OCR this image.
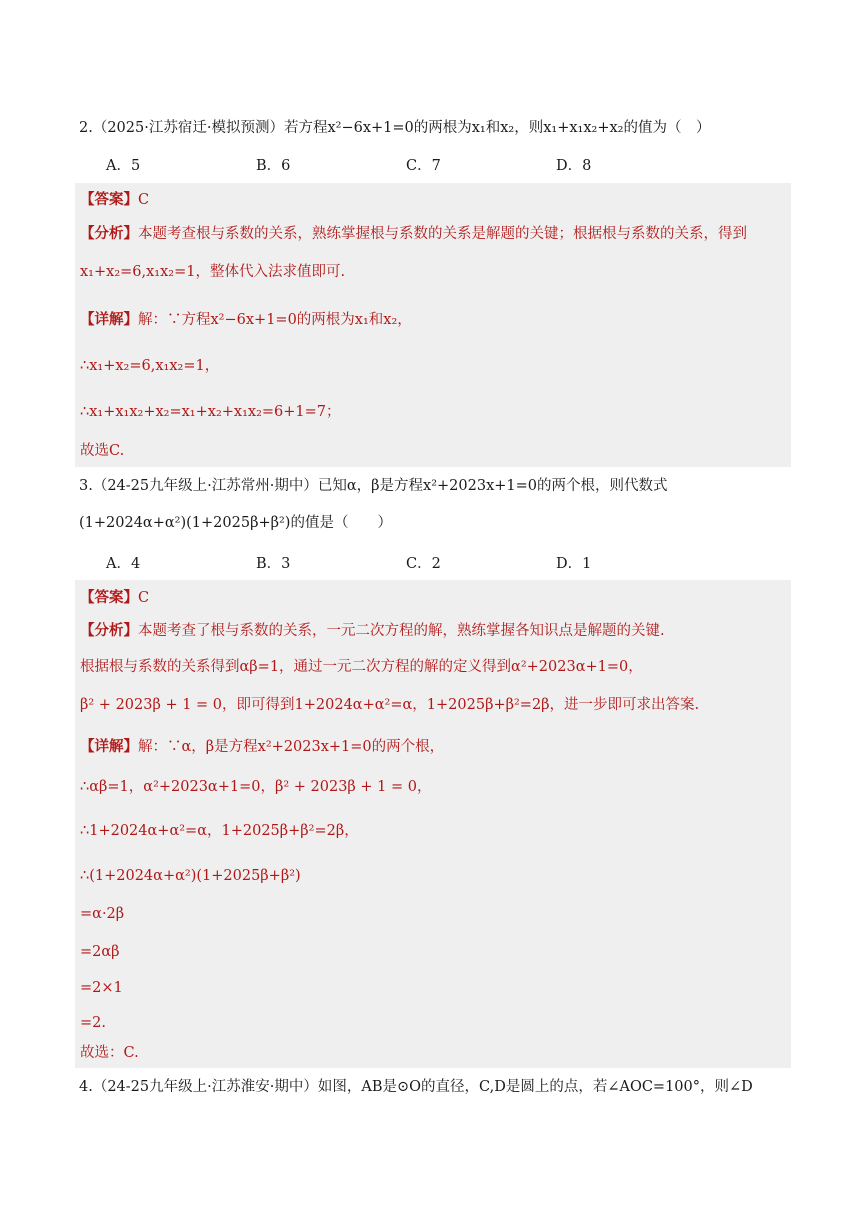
2.（2025·江苏宿迁·模拟预测）若方程x²−6x+1=0的两根为x₁和x₂，则x₁+x₁x₂+x₂的值为（　）
A．5	B．6	C．7	D．8
【答案】C
【分析】本题考查根与系数的关系，熟练掌握根与系数的关系是解题的关键；根据根与系数的关系，得到
x₁+x₂=6,x₁x₂=1，整体代入法求值即可.
【详解】解：∵方程x²−6x+1=0的两根为x₁和x₂，
∴x₁+x₂=6,x₁x₂=1，
∴x₁+x₁x₂+x₂=x₁+x₂+x₁x₂=6+1=7；
故选C.
3.（24-25九年级上·江苏常州·期中）已知α，β是方程x²+2023x+1=0的两个根，则代数式
(1+2024α+α²)(1+2025β+β²)的值是（　　）
A．4	B．3	C．2	D．1
【答案】C
【分析】本题考查了根与系数的关系，一元二次方程的解，熟练掌握各知识点是解题的关键.
根据根与系数的关系得到αβ=1，通过一元二次方程的解的定义得到α²+2023α+1=0，
β² + 2023β + 1 = 0，即可得到1+2024α+α²=α，1+2025β+β²=2β，进一步即可求出答案.
【详解】解：∵α，β是方程x²+2023x+1=0的两个根，
∴αβ=1，α²+2023α+1=0，β² + 2023β + 1 = 0，
∴1+2024α+α²=α，1+2025β+β²=2β，
∴(1+2024α+α²)(1+2025β+β²)
=α·2β
=2αβ
=2×1
=2.
故选：C.
4.（24-25九年级上·江苏淮安·期中）如图，AB是⊙O的直径，C,D是圆上的点，若∠AOC=100°，则∠D
